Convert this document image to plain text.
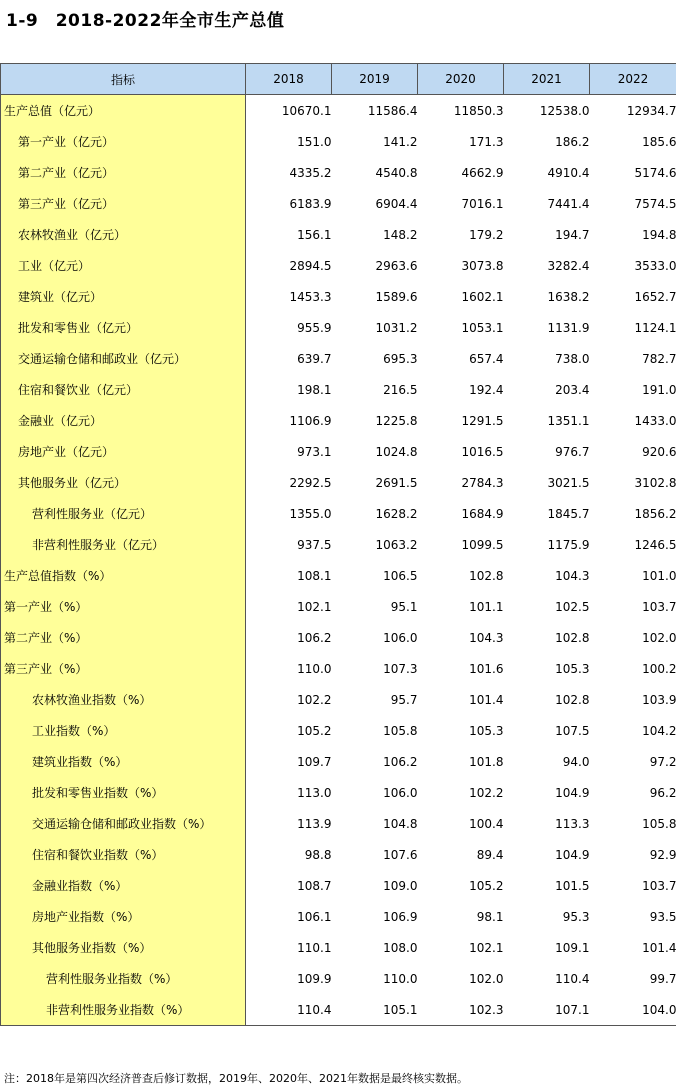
1-9　2018-2022年全市生产总值
指标	2018	2019	2020	2021	2022
生产总值（亿元）	10670.1	11586.4	11850.3	12538.0	12934.7
第一产业（亿元）	151.0	141.2	171.3	186.2	185.6
第二产业（亿元）	4335.2	4540.8	4662.9	4910.4	5174.6
第三产业（亿元）	6183.9	6904.4	7016.1	7441.4	7574.5
农林牧渔业（亿元）	156.1	148.2	179.2	194.7	194.8
工业（亿元）	2894.5	2963.6	3073.8	3282.4	3533.0
建筑业（亿元）	1453.3	1589.6	1602.1	1638.2	1652.7
批发和零售业（亿元）	955.9	1031.2	1053.1	1131.9	1124.1
交通运输仓储和邮政业（亿元）	639.7	695.3	657.4	738.0	782.7
住宿和餐饮业（亿元）	198.1	216.5	192.4	203.4	191.0
金融业（亿元）	1106.9	1225.8	1291.5	1351.1	1433.0
房地产业（亿元）	973.1	1024.8	1016.5	976.7	920.6
其他服务业（亿元）	2292.5	2691.5	2784.3	3021.5	3102.8
营利性服务业（亿元）	1355.0	1628.2	1684.9	1845.7	1856.2
非营利性服务业（亿元）	937.5	1063.2	1099.5	1175.9	1246.5
生产总值指数（%）	108.1	106.5	102.8	104.3	101.0
第一产业（%）	102.1	95.1	101.1	102.5	103.7
第二产业（%）	106.2	106.0	104.3	102.8	102.0
第三产业（%）	110.0	107.3	101.6	105.3	100.2
农林牧渔业指数（%）	102.2	95.7	101.4	102.8	103.9
工业指数（%）	105.2	105.8	105.3	107.5	104.2
建筑业指数（%）	109.7	106.2	101.8	94.0	97.2
批发和零售业指数（%）	113.0	106.0	102.2	104.9	96.2
交通运输仓储和邮政业指数（%）	113.9	104.8	100.4	113.3	105.8
住宿和餐饮业指数（%）	98.8	107.6	89.4	104.9	92.9
金融业指数（%）	108.7	109.0	105.2	101.5	103.7
房地产业指数（%）	106.1	106.9	98.1	95.3	93.5
其他服务业指数（%）	110.1	108.0	102.1	109.1	101.4
营利性服务业指数（%）	109.9	110.0	102.0	110.4	99.7
非营利性服务业指数（%）	110.4	105.1	102.3	107.1	104.0
注：2018年是第四次经济普查后修订数据，2019年、2020年、2021年数据是最终核实数据。
